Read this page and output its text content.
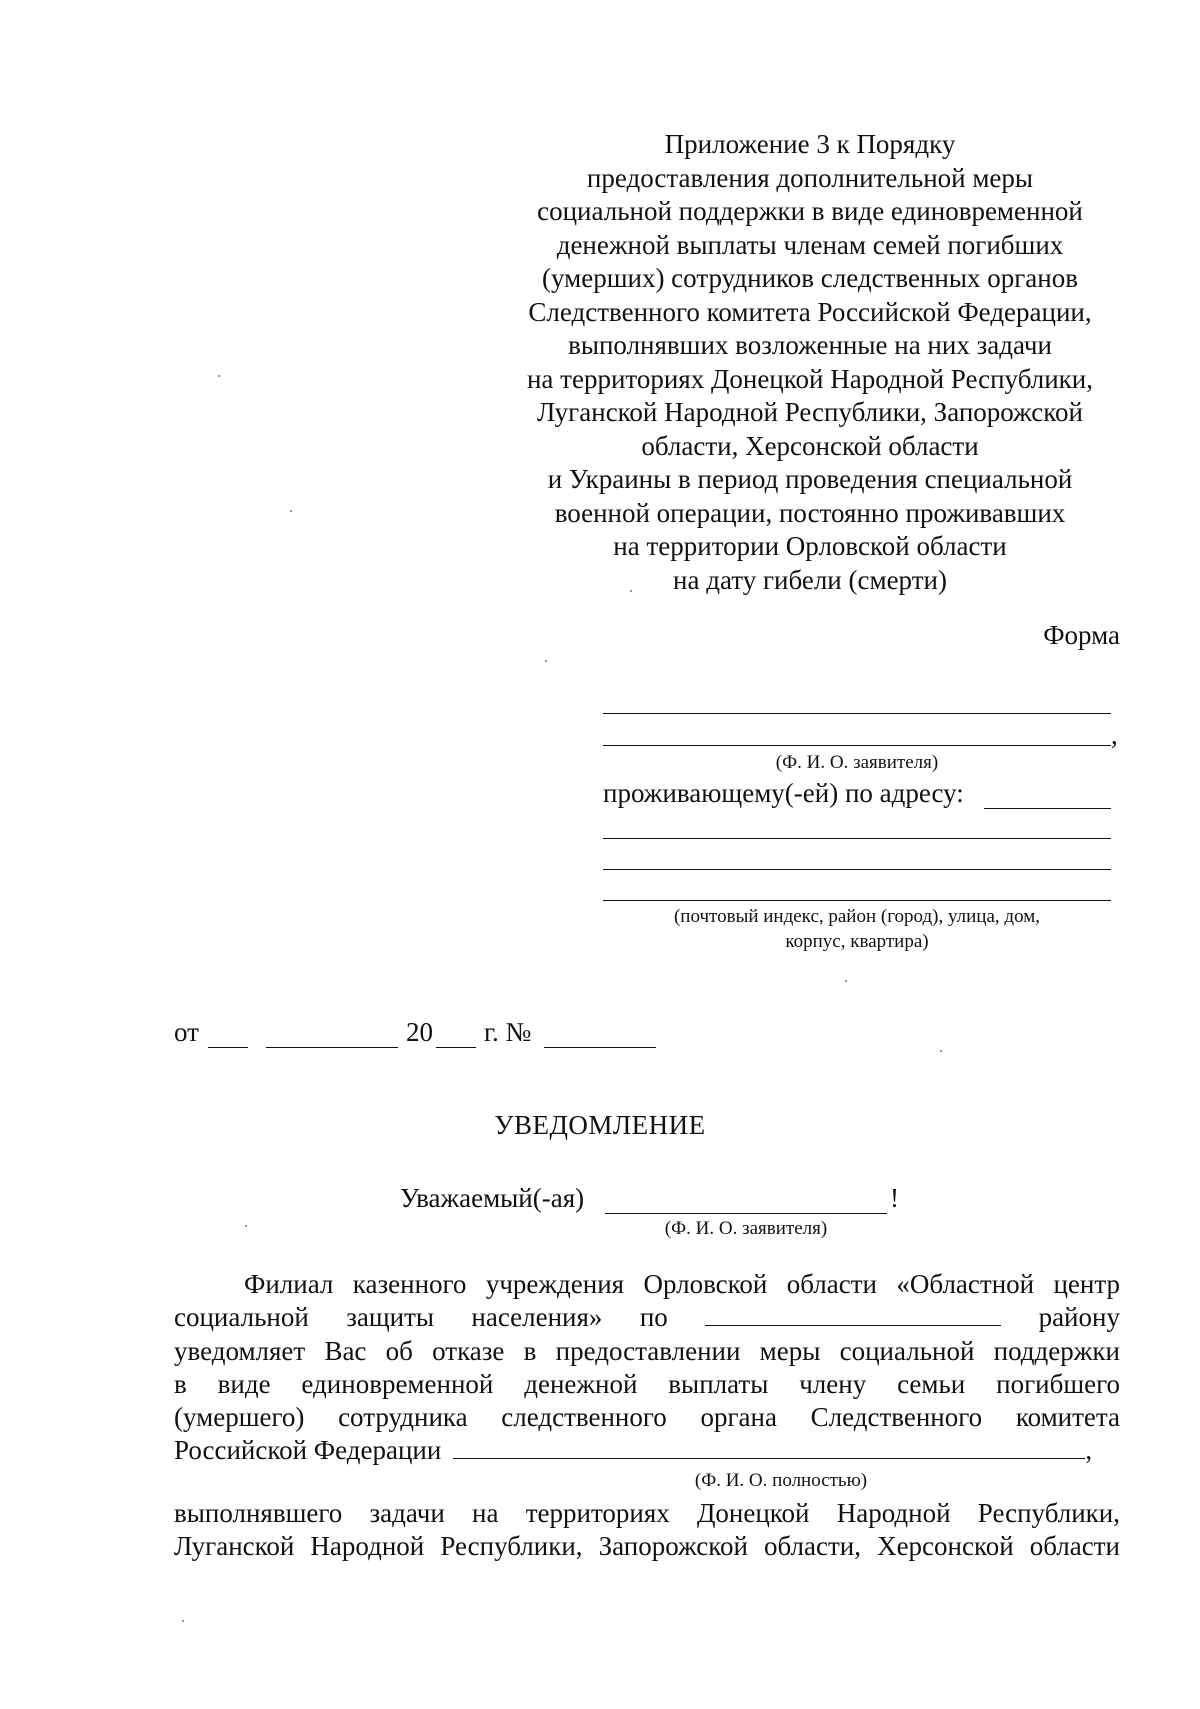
Приложение 3 к Порядку
предоставления дополнительной меры
социальной поддержки в виде единовременной
денежной выплаты членам семей погибших
(умерших) сотрудников следственных органов
Следственного комитета Российской Федерации,
выполнявших возложенные на них задачи
на территориях Донецкой Народной Республики,
Луганской Народной Республики, Запорожской
области, Херсонской области
и Украины в период проведения специальной
военной операции, постоянно проживавших
на территории Орловской области
на дату гибели (смерти)
Форма
,
(Ф. И. О. заявителя)
проживающему(-ей) по адресу:
(почтовый индекс, район (город), улица, дом,
корпус, квартира)
от	20 г. №
УВЕДОМЛЕНИЕ
Уважаемый(-ая)	!
(Ф. И. О. заявителя)
Филиал казенного учреждения Орловской области «Областной центр
социальной защиты населения» по	району
уведомляет Вас об отказе в предоставлении меры социальной поддержки
в виде единовременной денежной выплаты члену семьи погибшего
(умершего) сотрудника следственного органа Следственного комитета
Российской Федерации	,
(Ф. И. О. полностью)
выполнявшего задачи на территориях Донецкой Народной Республики,
Луганской Народной Республики, Запорожской области, Херсонской области
